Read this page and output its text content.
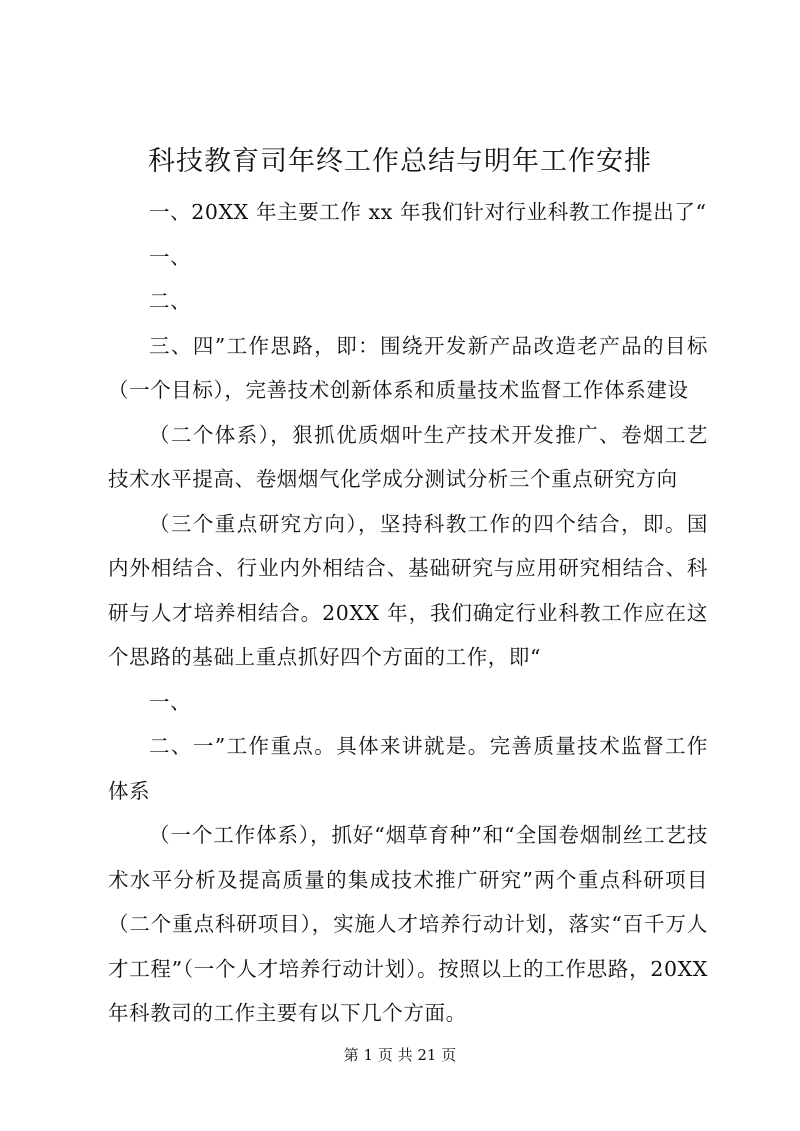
科技教育司年终工作总结与明年工作安排

一、20XX 年主要工作 xx 年我们针对行业科教工作提出了“

一、

二、

三、四”工作思路，即：围绕开发新产品改造老产品的目标（一个目标），完善技术创新体系和质量技术监督工作体系建设

（二个体系），狠抓优质烟叶生产技术开发推广、卷烟工艺技术水平提高、卷烟烟气化学成分测试分析三个重点研究方向

（三个重点研究方向），坚持科教工作的四个结合，即。国内外相结合、行业内外相结合、基础研究与应用研究相结合、科研与人才培养相结合。20XX 年，我们确定行业科教工作应在这个思路的基础上重点抓好四个方面的工作，即“

一、

二、一”工作重点。具体来讲就是。完善质量技术监督工作体系

（一个工作体系），抓好“烟草育种”和“全国卷烟制丝工艺技术水平分析及提高质量的集成技术推广研究”两个重点科研项目（二个重点科研项目），实施人才培养行动计划，落实“百千万人才工程”（一个人才培养行动计划）。按照以上的工作思路，20XX 年科教司的工作主要有以下几个方面。

第 1 页 共 21 页
